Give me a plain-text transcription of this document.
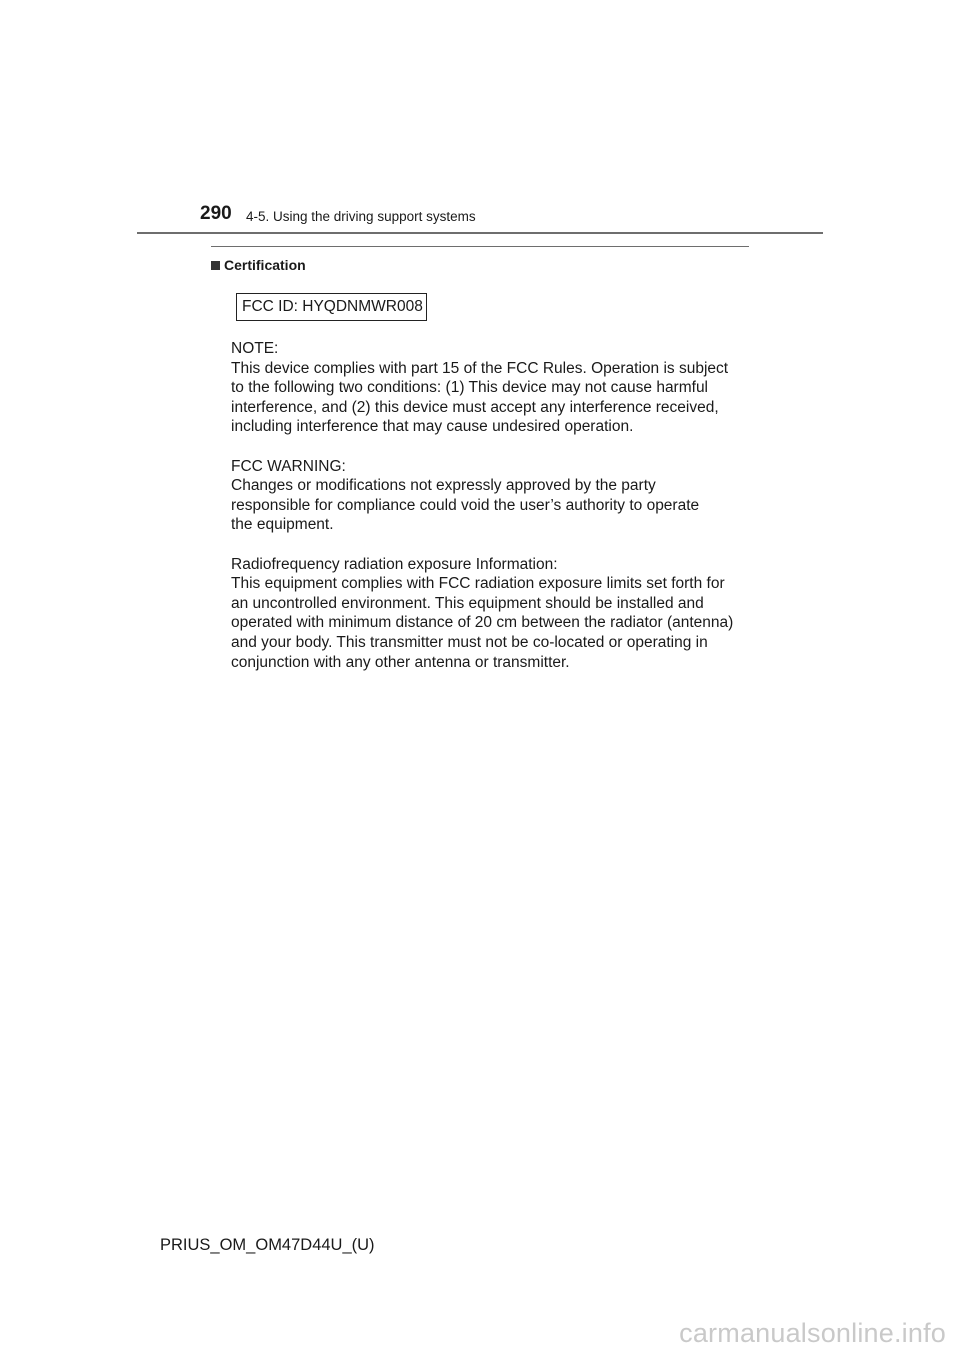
290 4-5. Using the driving support systems
Certification
FCC ID: HYQDNMWR008

NOTE:
This device complies with part 15 of the FCC Rules. Operation is subject
to the following two conditions: (1) This device may not cause harmful
interference, and (2) this device must accept any interference received,
including interference that may cause undesired operation.

FCC WARNING:
Changes or modifications not expressly approved by the party
responsible for compliance could void the user’s authority to operate
the equipment.

Radiofrequency radiation exposure Information:
This equipment complies with FCC radiation exposure limits set forth for
an uncontrolled environment. This equipment should be installed and
operated with minimum distance of 20 cm between the radiator (antenna)
and your body. This transmitter must not be co-located or operating in
conjunction with any other antenna or transmitter.

PRIUS_OM_OM47D44U_(U)
carmanualsonline.info
